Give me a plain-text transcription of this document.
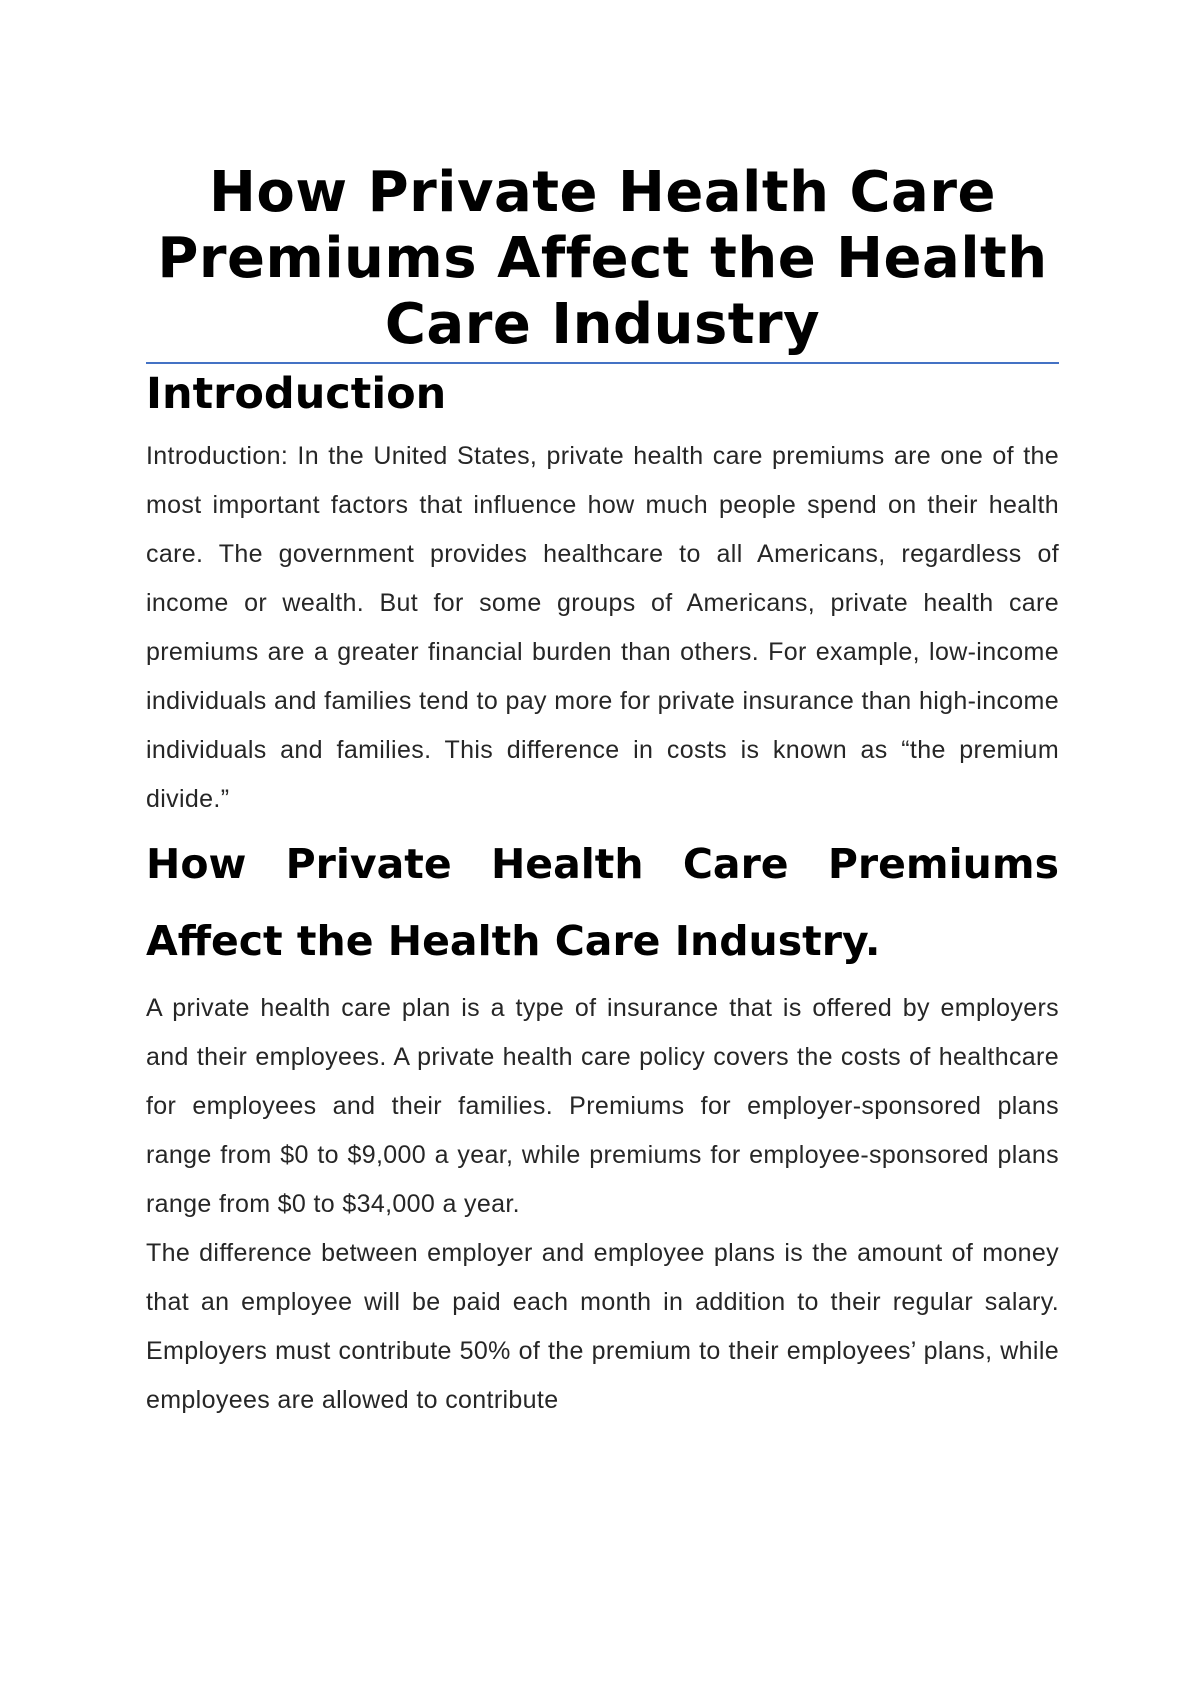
How Private Health Care Premiums Affect the Health Care Industry
Introduction

Introduction: In the United States, private health care premiums are one of the most important factors that influence how much people spend on their health care. The government provides healthcare to all Americans, regardless of income or wealth. But for some groups of Americans, private health care premiums are a greater financial burden than others. For example, low-income individuals and families tend to pay more for private insurance than high-income individuals and families. This difference in costs is known as “the premium divide.”

How Private Health Care Premiums Affect the Health Care Industry.

A private health care plan is a type of insurance that is offered by employers and their employees. A private health care policy covers the costs of healthcare for employees and their families. Premiums for employer-sponsored plans range from $0 to $9,000 a year, while premiums for employee-sponsored plans range from $0 to $34,000 a year.

The difference between employer and employee plans is the amount of money that an employee will be paid each month in addition to their regular salary. Employers must contribute 50% of the premium to their employees’ plans, while employees are allowed to contribute
